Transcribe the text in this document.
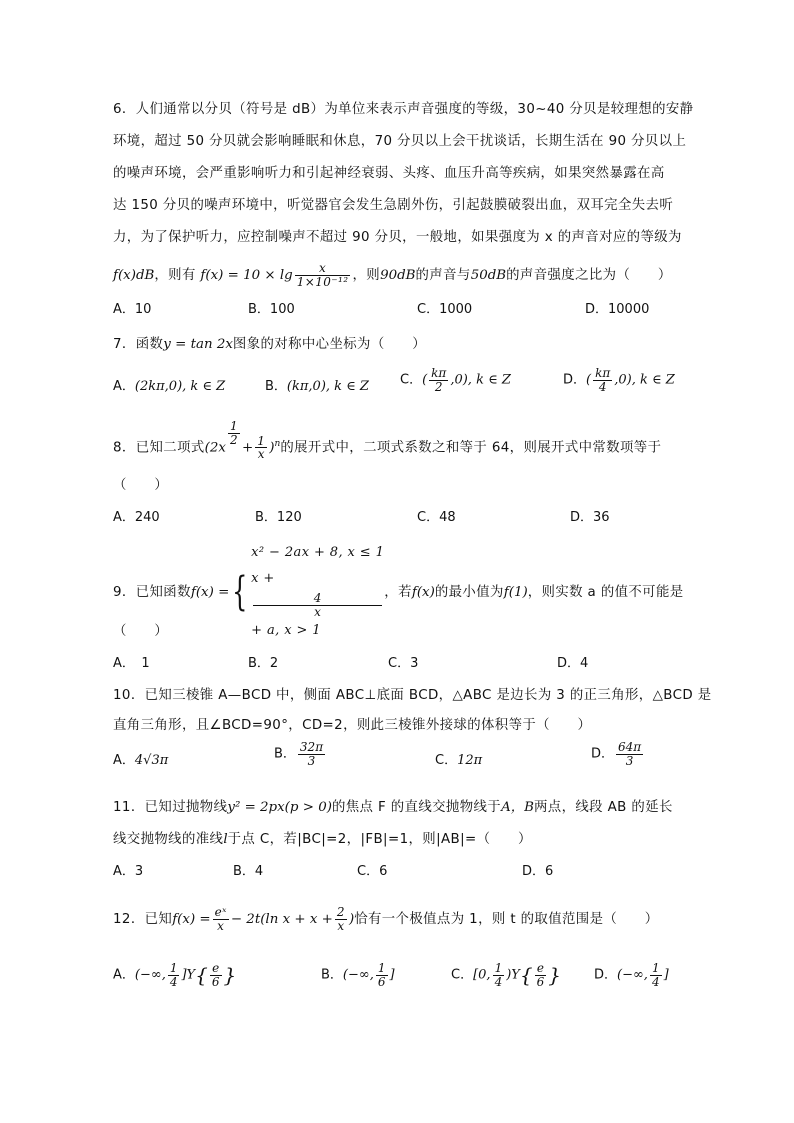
6．人们通常以分贝（符号是 dB）为单位来表示声音强度的等级，30~40 分贝是较理想的安静
环境，超过 50 分贝就会影响睡眠和休息，70 分贝以上会干扰谈话，长期生活在 90 分贝以上
的噪声环境，会严重影响听力和引起神经衰弱、头疼、血压升高等疾病，如果突然暴露在高
达 150 分贝的噪声环境中，听觉器官会发生急剧外伤，引起鼓膜破裂出血，双耳完全失去听
力，为了保护听力，应控制噪声不超过 90 分贝，一般地，如果强度为 x 的声音对应的等级为
f(x)dB，则有 $f(x) = 10 \times \lg \frac{x}{\text{1×10⁻¹²}}$ ，则90dB的声音与50dB的声音强度之比为（　　）
A．10	B．100	C．1000	D．10000
7．函数y = tan 2x图象的对称中心坐标为（　　）
A．(2kπ,0), k ∈ Z	B．(kπ,0), k ∈ Z C．( $\frac{k\pi}{2} ,0$), k ∈ Z	D．( $\frac{k\pi}{4} ,0$), k ∈ Z
8．已知二项式(2x
$\frac{1}{2}$
+ $\frac{1}{x} )^n$的展开式中，二项式系数之和等于 64，则展开式中常数项等于
（　　）
A．240	B．120	C．48	D．36
9．已知函数f(x) ={
x² − 2ax + 8, x ≤ 1
x +
4
x
+ a, x > 1
，若f(x)的最小值为f(1)，则实数 a 的值不可能是
（　　）
A．　1	B．2	C．3	D．4
10．已知三棱锥 A—BCD 中，侧面 ABC⊥底面 BCD，△ABC 是边长为 3 的正三角形，△BCD 是
直角三角形，且∠BCD=90°，CD=2，则此三棱锥外接球的体积等于（　　）
A．4√3π	B． $\frac{32\pi}{3}$	C．12π	D． $\frac{64\pi}{3}$
11．已知过抛物线y² = 2px(p > 0)的焦点 F 的直线交抛物线于A，B两点，线段 AB 的延长
线交抛物线的准线l于点 C，若|BC|=2，|FB|=1，则|AB|=（　　）
A．3	B．4	C．6	D．6
12．已知$f(x) = \frac{\text{eˣ}}{x} - 2t(\ln$ $x + x + \frac{2}{x}$ )恰有一个极值点为 1，则 t 的取值范围是（　　）
A．(−∞, $\frac{1}{4} ]Y\{ \frac{e}{6}$ }	B．(−∞, $\frac{1}{6}$ ]	C．[0, $\frac{1}{4} )Y\{ \frac{e}{6}$ }	D．(−∞, $\frac{1}{4}$ ]
